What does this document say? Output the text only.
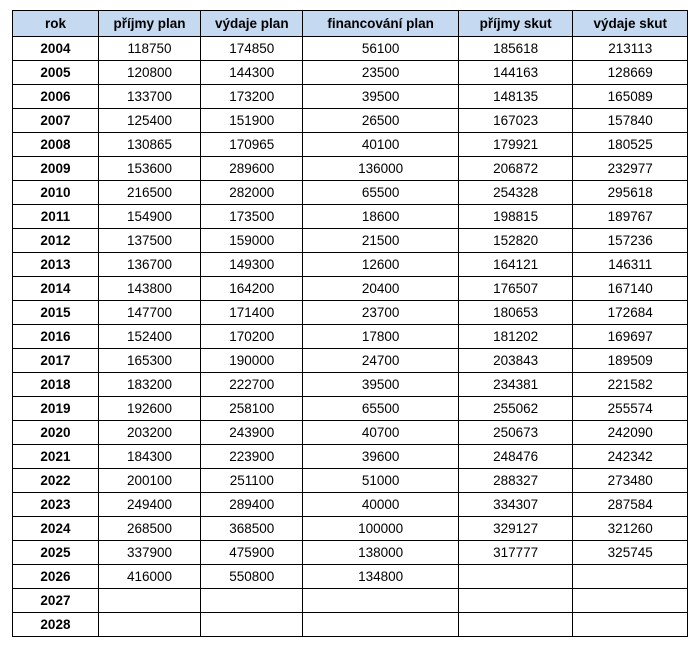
rok	příjmy plan	výdaje plan	financování plan	příjmy skut	výdaje skut
2004	118750	174850	56100	185618	213113
2005	120800	144300	23500	144163	128669
2006	133700	173200	39500	148135	165089
2007	125400	151900	26500	167023	157840
2008	130865	170965	40100	179921	180525
2009	153600	289600	136000	206872	232977
2010	216500	282000	65500	254328	295618
2011	154900	173500	18600	198815	189767
2012	137500	159000	21500	152820	157236
2013	136700	149300	12600	164121	146311
2014	143800	164200	20400	176507	167140
2015	147700	171400	23700	180653	172684
2016	152400	170200	17800	181202	169697
2017	165300	190000	24700	203843	189509
2018	183200	222700	39500	234381	221582
2019	192600	258100	65500	255062	255574
2020	203200	243900	40700	250673	242090
2021	184300	223900	39600	248476	242342
2022	200100	251100	51000	288327	273480
2023	249400	289400	40000	334307	287584
2024	268500	368500	100000	329127	321260
2025	337900	475900	138000	317777	325745
2026	416000	550800	134800		
2027					
2028					
